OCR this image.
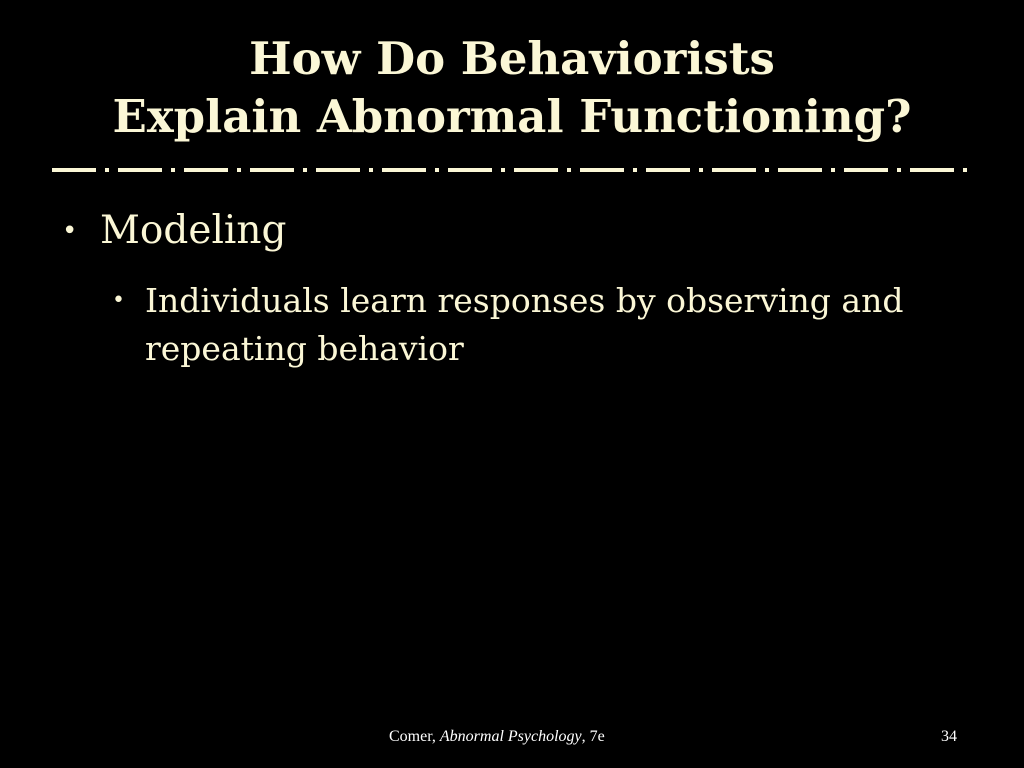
How Do Behaviorists
Explain Abnormal Functioning?
• Modeling
• Individuals learn responses by observing and repeating behavior
Comer, Abnormal Psychology, 7e	34
